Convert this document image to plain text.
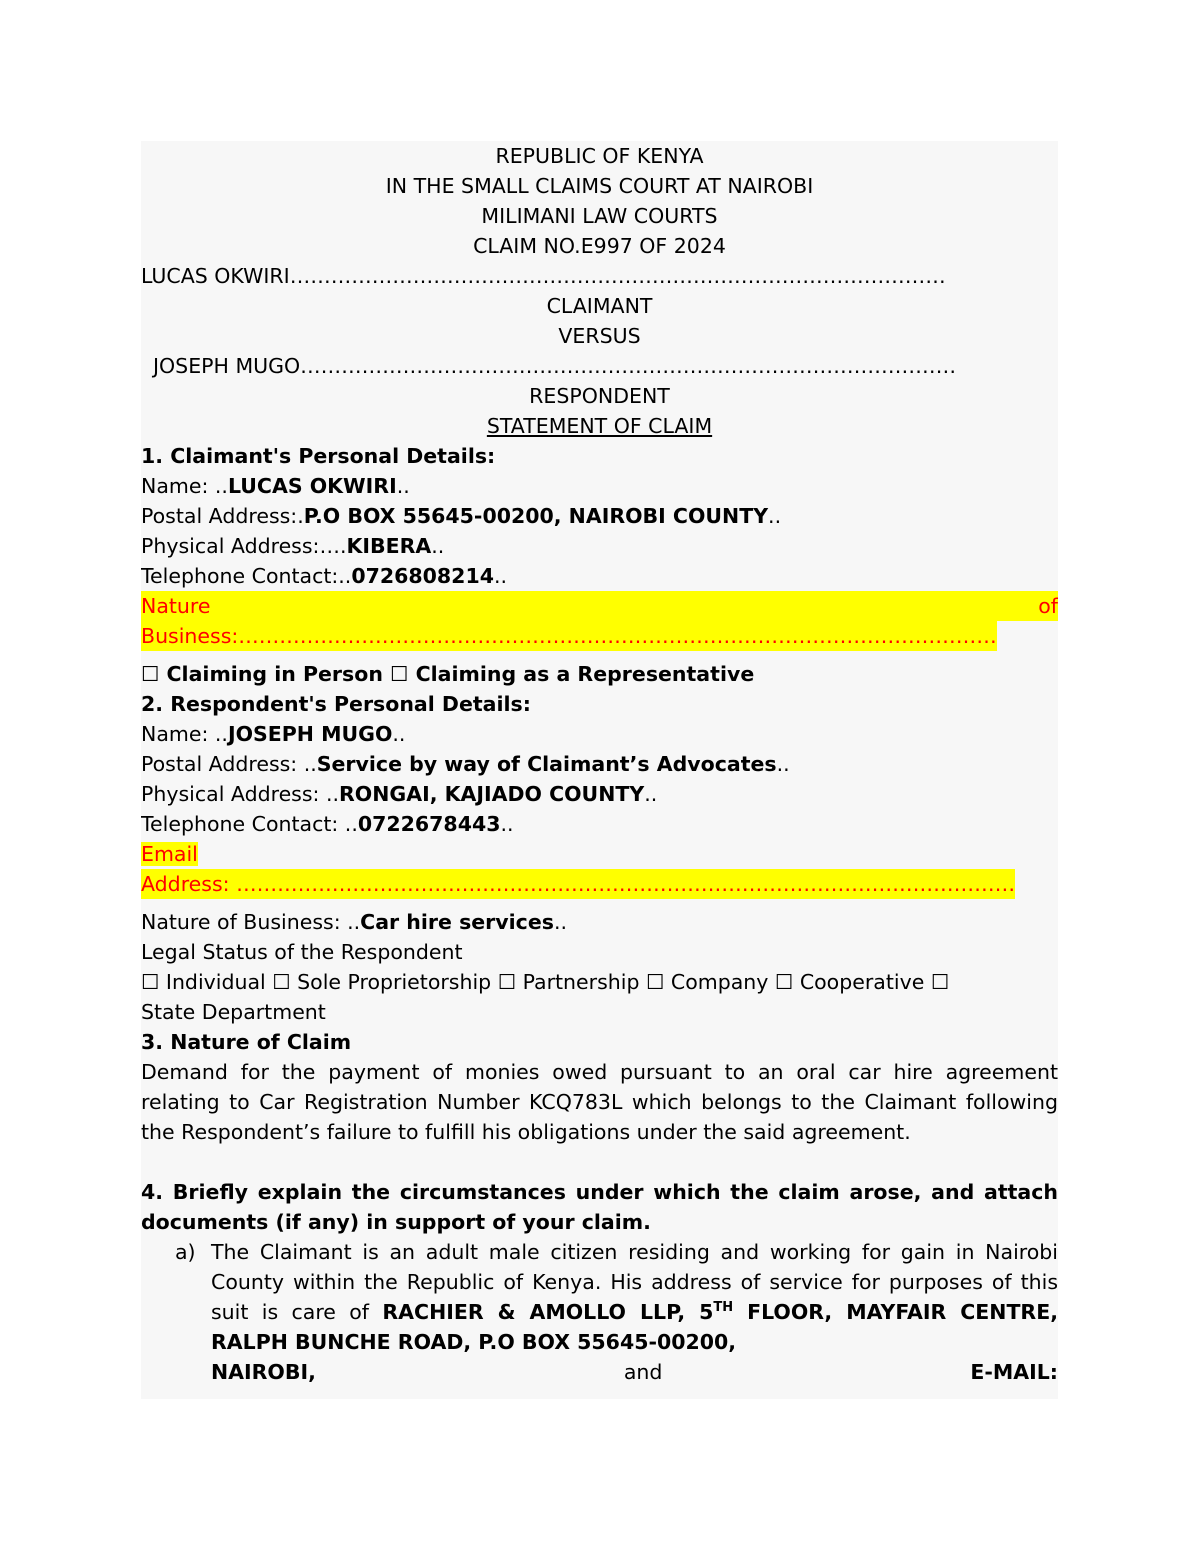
REPUBLIC OF KENYA
IN THE SMALL CLAIMS COURT AT NAIROBI
MILIMANI LAW COURTS
CLAIM NO.E997 OF 2024
LUCAS OKWIRI……………………………………………………………………………………
CLAIMANT
VERSUS
JOSEPH MUGO……………………………………………………………………………………
RESPONDENT
STATEMENT OF CLAIM
1. Claimant's Personal Details:
Name: ..LUCAS OKWIRI..
Postal Address:.P.O BOX 55645-00200, NAIROBI COUNTY..
Physical Address:….KIBERA..
Telephone Contact:..0726808214..
Nature	of
Business:…………………………………………………………………………………………………
☐ Claiming in Person ☐ Claiming as a Representative
2. Respondent's Personal Details:
Name: ..JOSEPH MUGO..
Postal Address: ..Service by way of Claimant’s Advocates..
Physical Address: ..RONGAI, KAJIADO COUNTY..
Telephone Contact: ..0722678443..
Email
Address: ……………………………………………………………………………………………………
Nature of Business: ..Car hire services..
Legal Status of the Respondent
☐ Individual ☐ Sole Proprietorship ☐ Partnership ☐ Company ☐ Cooperative ☐
State Department
3. Nature of Claim
Demand for the payment of monies owed pursuant to an oral car hire agreement relating to Car Registration Number KCQ783L which belongs to the Claimant following the Respondent’s failure to fulfill his obligations under the said agreement.
4. Briefly explain the circumstances under which the claim arose, and attach documents (if any) in support of your claim.
a) The Claimant is an adult male citizen residing and working for gain in Nairobi County within the Republic of Kenya. His address of service for purposes of this suit is care of RACHIER & AMOLLO LLP, 5TH FLOOR, MAYFAIR CENTRE, RALPH BUNCHE ROAD, P.O BOX 55645-00200,
NAIROBI,	and	E-MAIL:
